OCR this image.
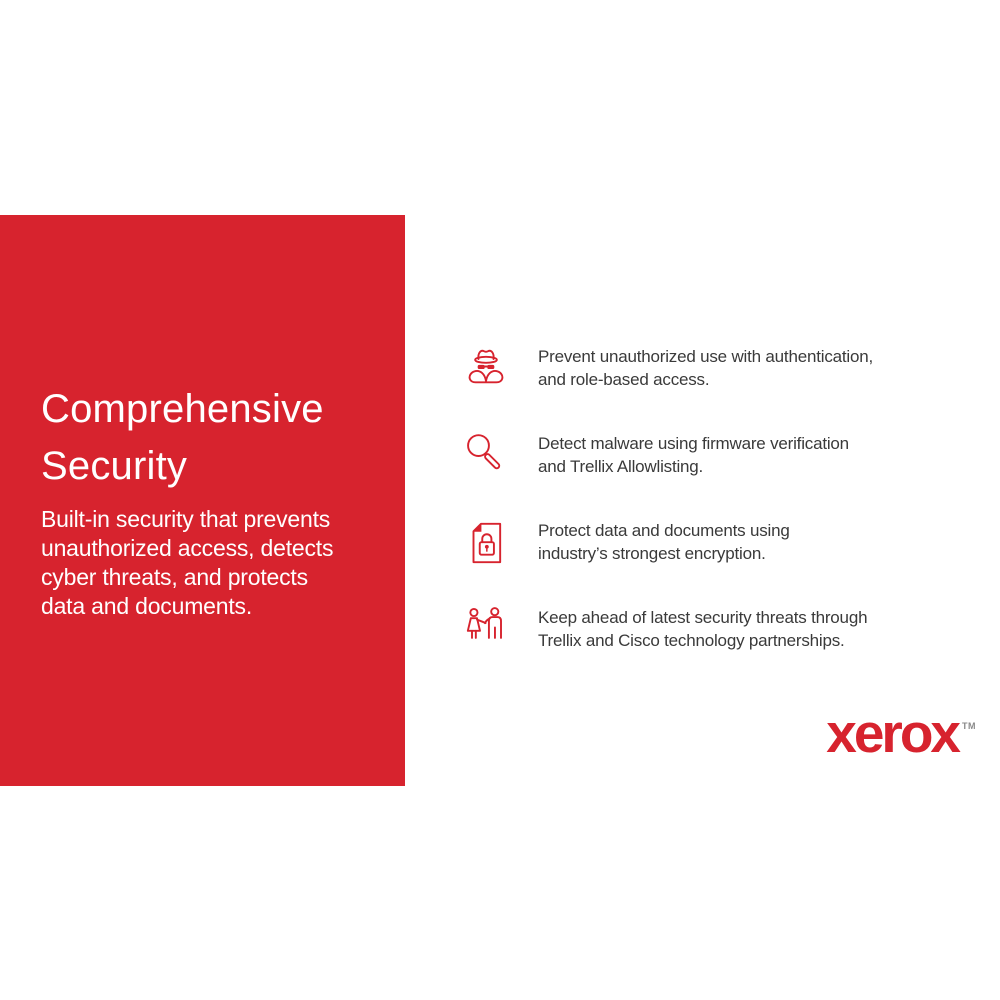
Comprehensive
Security
Built-in security that prevents
unauthorized access, detects
cyber threats, and protects
data and documents.
Prevent unauthorized use with authentication,
and role-based access.
Detect malware using firmware verification
and Trellix Allowlisting.
Protect data and documents using
industry’s strongest encryption.
Keep ahead of latest security threats through
Trellix and Cisco technology partnerships.
xerox TM
